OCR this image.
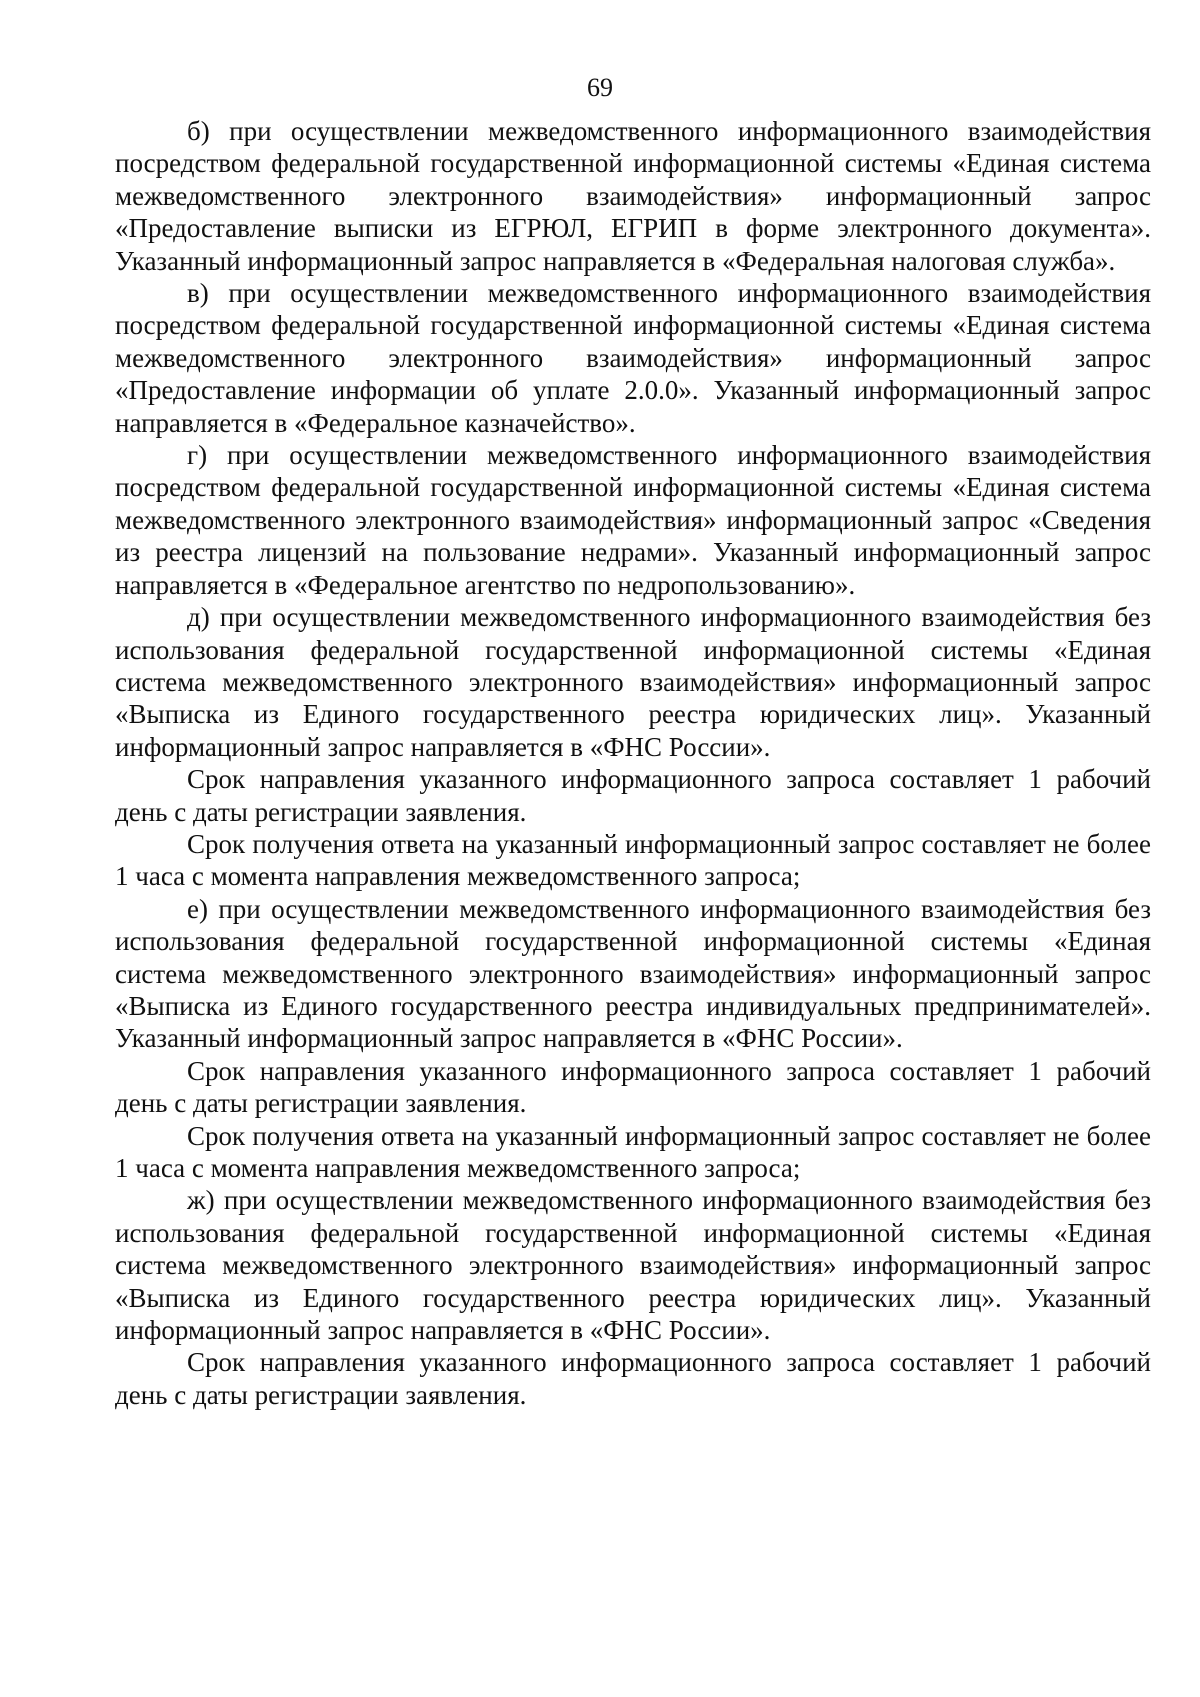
69

б) при осуществлении межведомственного информационного взаимодействия посредством федеральной государственной информационной системы «Единая система межведомственного электронного взаимодействия» информационный запрос «Предоставление выписки из ЕГРЮЛ, ЕГРИП в форме электронного документа». Указанный информационный запрос направляется в «Федеральная налоговая служба».

в) при осуществлении межведомственного информационного взаимодействия посредством федеральной государственной информационной системы «Единая система межведомственного электронного взаимодействия» информационный запрос «Предоставление информации об уплате 2.0.0». Указанный информационный запрос направляется в «Федеральное казначейство».

г) при осуществлении межведомственного информационного взаимодействия посредством федеральной государственной информационной системы «Единая система межведомственного электронного взаимодействия» информационный запрос «Сведения из реестра лицензий на пользование недрами». Указанный информационный запрос направляется в «Федеральное агентство по недропользованию».

д) при осуществлении межведомственного информационного взаимодействия без использования федеральной государственной информационной системы «Единая система межведомственного электронного взаимодействия» информационный запрос «Выписка из Единого государственного реестра юридических лиц». Указанный информационный запрос направляется в «ФНС России».

Срок направления указанного информационного запроса составляет 1 рабочий день с даты регистрации заявления.

Срок получения ответа на указанный информационный запрос составляет не более 1 часа с момента направления межведомственного запроса;

е) при осуществлении межведомственного информационного взаимодействия без использования федеральной государственной информационной системы «Единая система межведомственного электронного взаимодействия» информационный запрос «Выписка из Единого государственного реестра индивидуальных предпринимателей». Указанный информационный запрос направляется в «ФНС России».

Срок направления указанного информационного запроса составляет 1 рабочий день с даты регистрации заявления.

Срок получения ответа на указанный информационный запрос составляет не более 1 часа с момента направления межведомственного запроса;

ж) при осуществлении межведомственного информационного взаимодействия без использования федеральной государственной информационной системы «Единая система межведомственного электронного взаимодействия» информационный запрос «Выписка из Единого государственного реестра юридических лиц». Указанный информационный запрос направляется в «ФНС России».

Срок направления указанного информационного запроса составляет 1 рабочий день с даты регистрации заявления.
